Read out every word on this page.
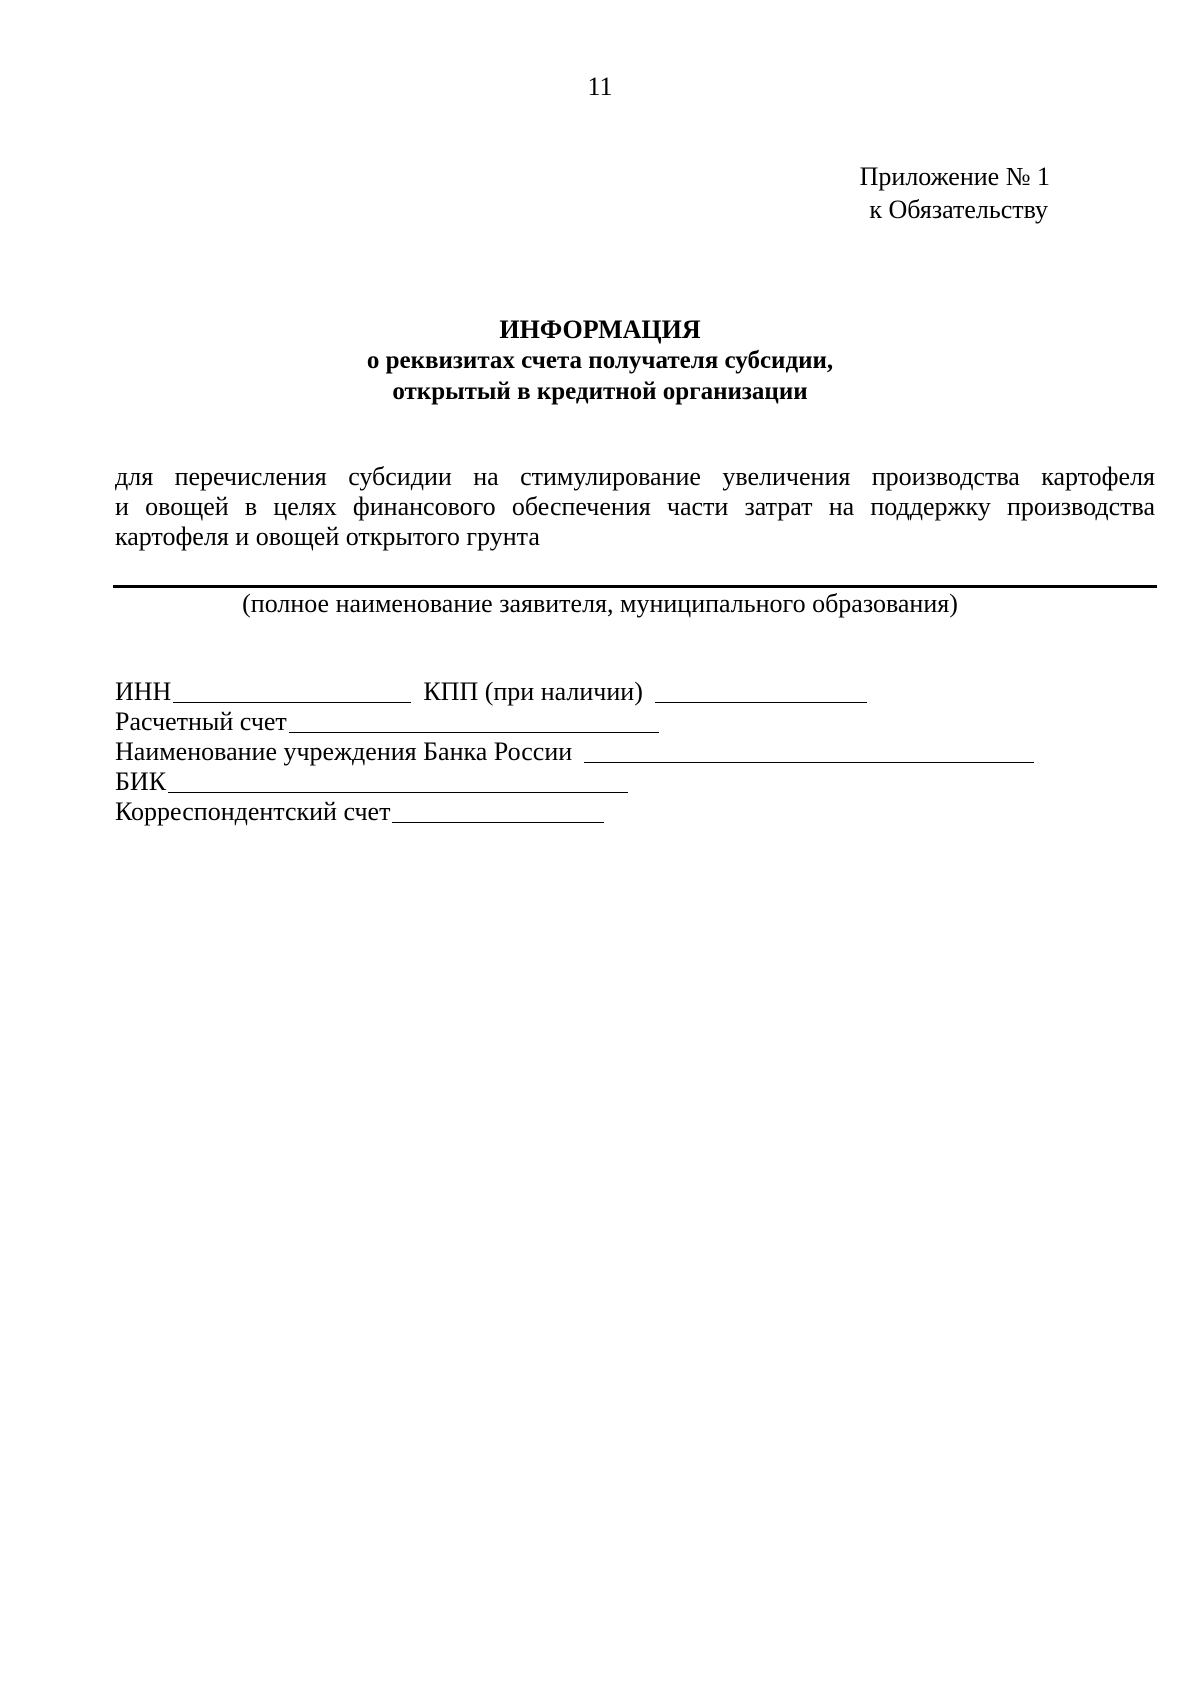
11
Приложение № 1
к Обязательству
ИНФОРМАЦИЯ
о реквизитах счета получателя субсидии,
открытый в кредитной организации
для перечисления субсидии на стимулирование увеличения производства картофеля
и овощей в целях финансового обеспечения части затрат на поддержку производства
картофеля и овощей открытого грунта
(полное наименование заявителя, муниципального образования)
ИНН	КПП (при наличии)
Расчетный счет
Наименование учреждения Банка России
БИК
Корреспондентский счет
